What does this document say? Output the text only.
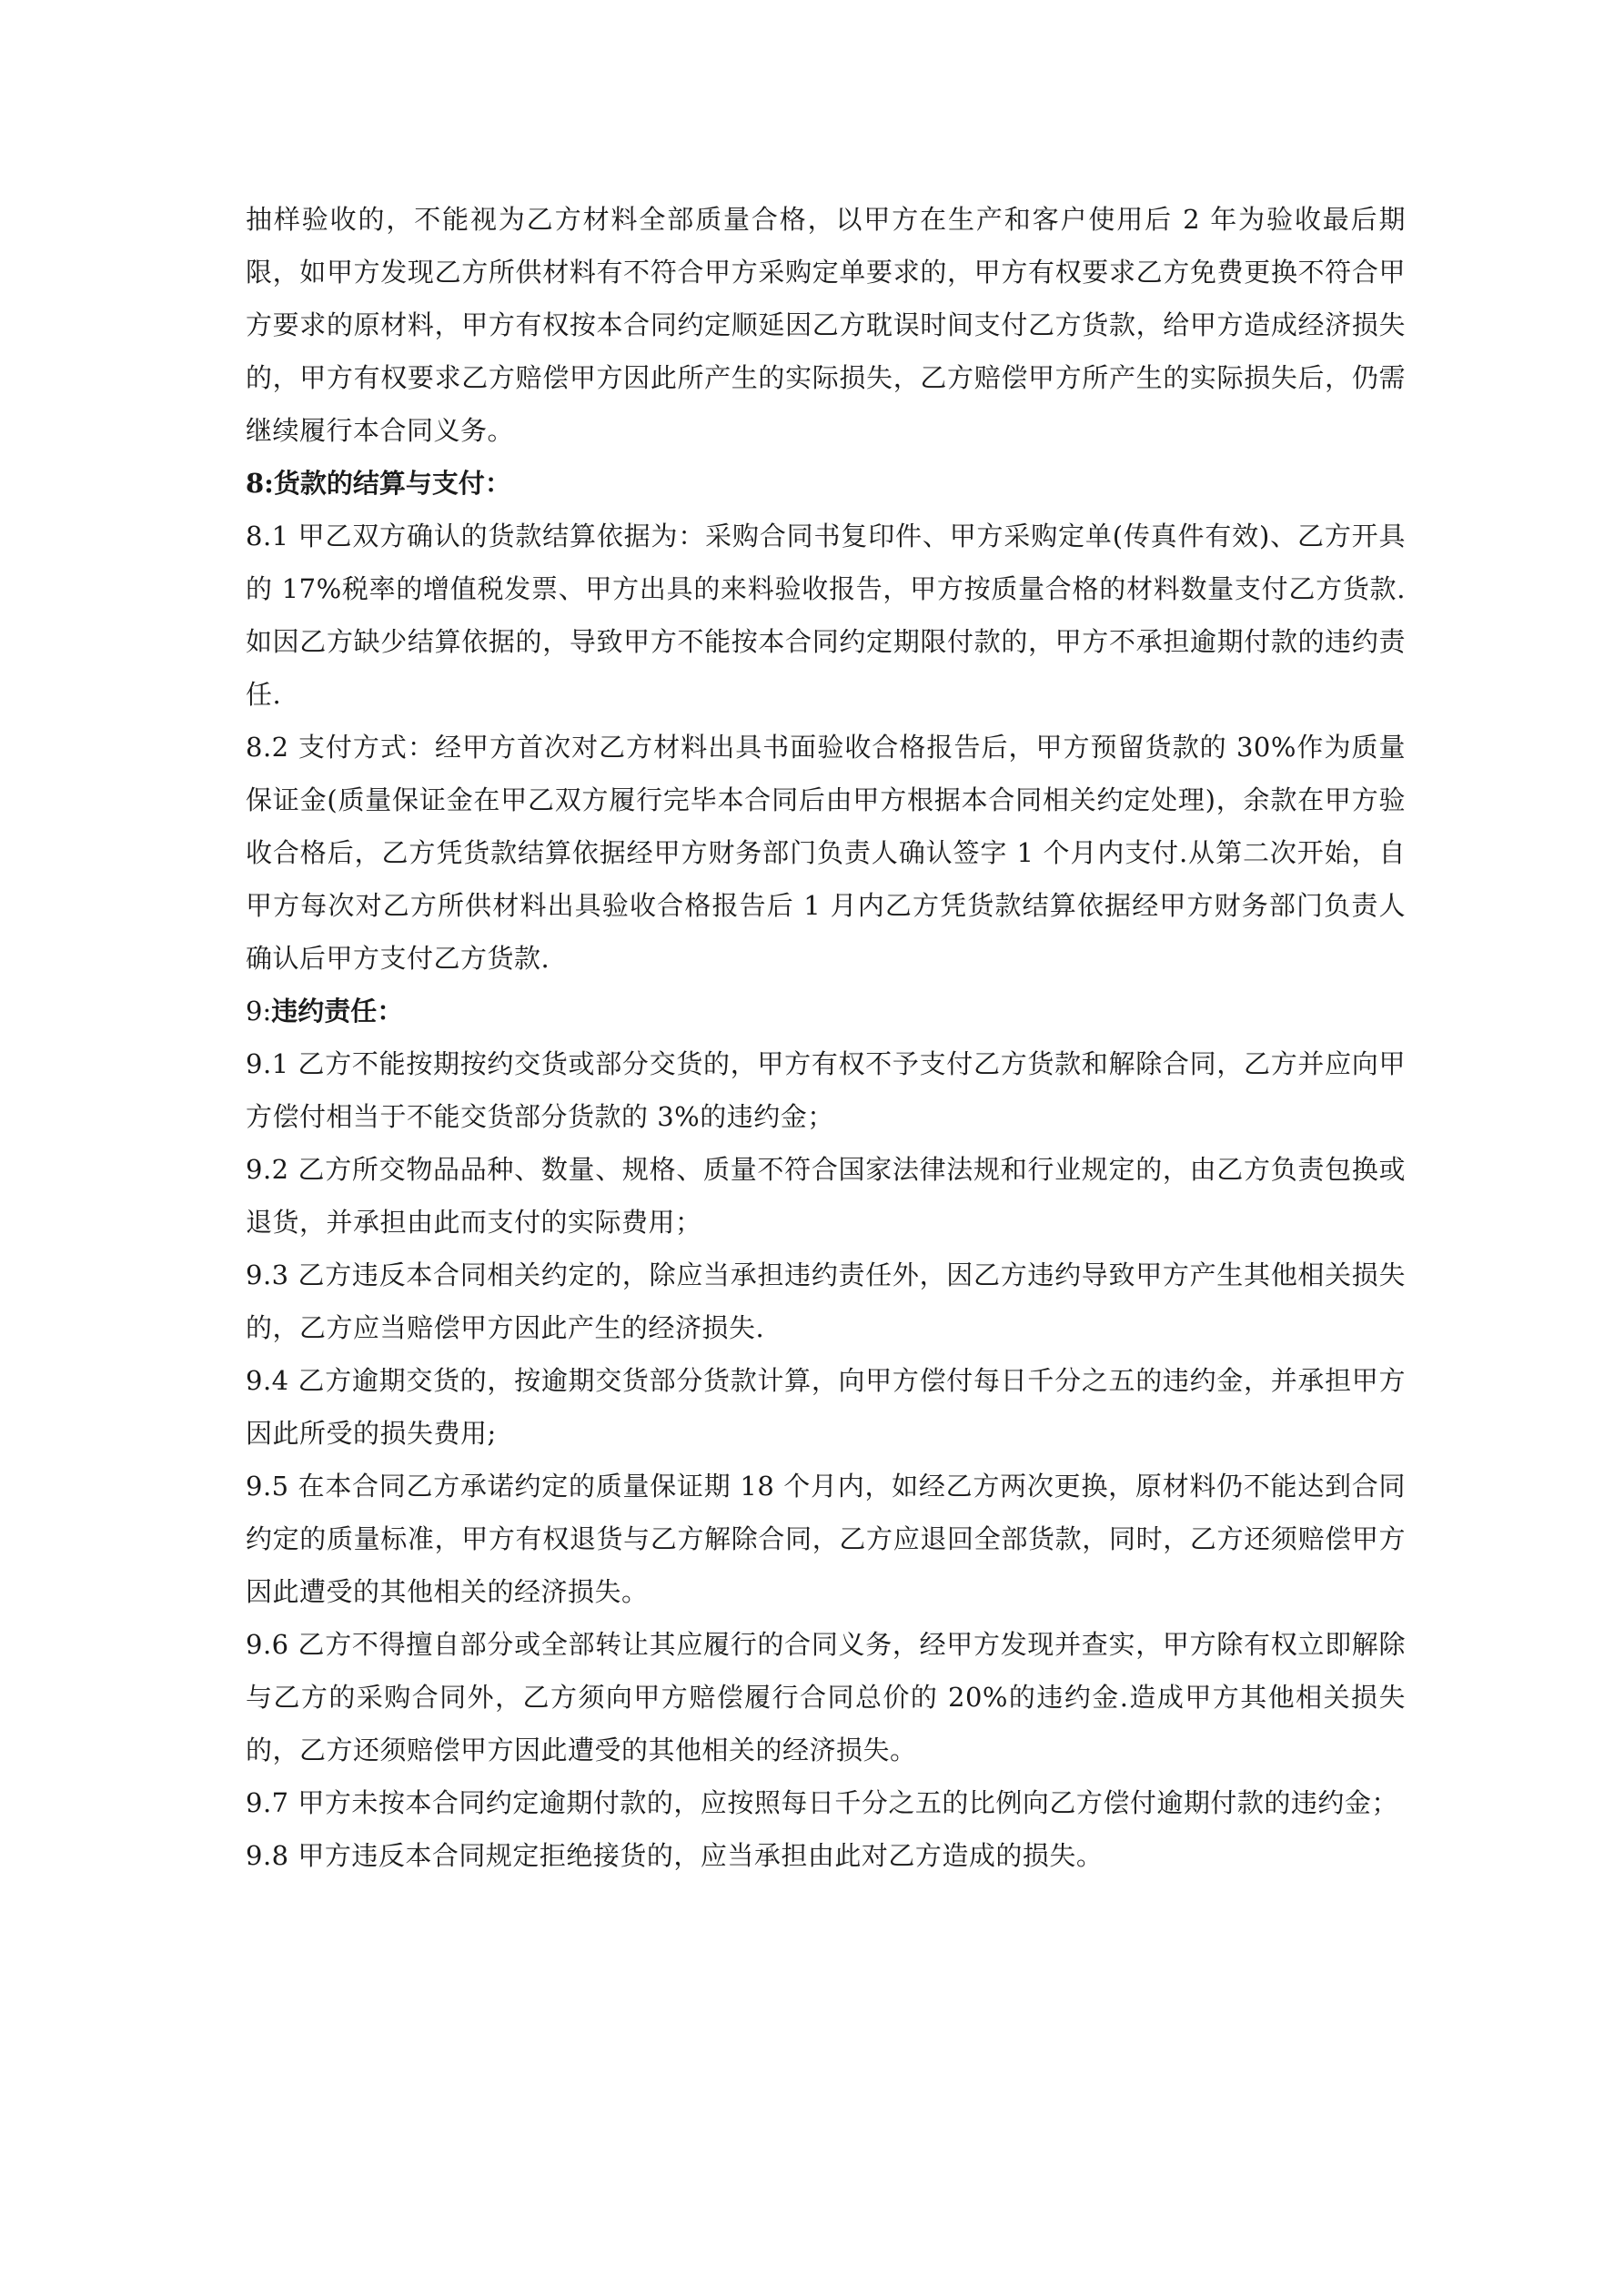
抽样验收的，不能视为乙方材料全部质量合格，以甲方在生产和客户使用后 2 年为验收最后期限，如甲方发现乙方所供材料有不符合甲方采购定单要求的，甲方有权要求乙方免费更换不符合甲方要求的原材料，甲方有权按本合同约定顺延因乙方耽误时间支付乙方货款，给甲方造成经济损失的，甲方有权要求乙方赔偿甲方因此所产生的实际损失，乙方赔偿甲方所产生的实际损失后，仍需继续履行本合同义务。

8:货款的结算与支付：

8.1 甲乙双方确认的货款结算依据为：采购合同书复印件、甲方采购定单(传真件有效)、乙方开具的 17%税率的增值税发票、甲方出具的来料验收报告，甲方按质量合格的材料数量支付乙方货款.如因乙方缺少结算依据的，导致甲方不能按本合同约定期限付款的，甲方不承担逾期付款的违约责任.

8.2 支付方式：经甲方首次对乙方材料出具书面验收合格报告后，甲方预留货款的 30%作为质量保证金(质量保证金在甲乙双方履行完毕本合同后由甲方根据本合同相关约定处理)，余款在甲方验收合格后，乙方凭货款结算依据经甲方财务部门负责人确认签字 1 个月内支付.从第二次开始，自甲方每次对乙方所供材料出具验收合格报告后 1 月内乙方凭货款结算依据经甲方财务部门负责人确认后甲方支付乙方货款.

9:违约责任：

9.1 乙方不能按期按约交货或部分交货的，甲方有权不予支付乙方货款和解除合同，乙方并应向甲方偿付相当于不能交货部分货款的 3%的违约金；

9.2 乙方所交物品品种、数量、规格、质量不符合国家法律法规和行业规定的，由乙方负责包换或退货，并承担由此而支付的实际费用；

9.3 乙方违反本合同相关约定的，除应当承担违约责任外，因乙方违约导致甲方产生其他相关损失的，乙方应当赔偿甲方因此产生的经济损失.

9.4 乙方逾期交货的，按逾期交货部分货款计算，向甲方偿付每日千分之五的违约金，并承担甲方因此所受的损失费用;

9.5 在本合同乙方承诺约定的质量保证期 18 个月内，如经乙方两次更换，原材料仍不能达到合同约定的质量标准，甲方有权退货与乙方解除合同，乙方应退回全部货款，同时，乙方还须赔偿甲方因此遭受的其他相关的经济损失。

9.6 乙方不得擅自部分或全部转让其应履行的合同义务，经甲方发现并查实，甲方除有权立即解除与乙方的采购合同外，乙方须向甲方赔偿履行合同总价的 20%的违约金.造成甲方其他相关损失的，乙方还须赔偿甲方因此遭受的其他相关的经济损失。

9.7 甲方未按本合同约定逾期付款的，应按照每日千分之五的比例向乙方偿付逾期付款的违约金；

9.8 甲方违反本合同规定拒绝接货的，应当承担由此对乙方造成的损失。
